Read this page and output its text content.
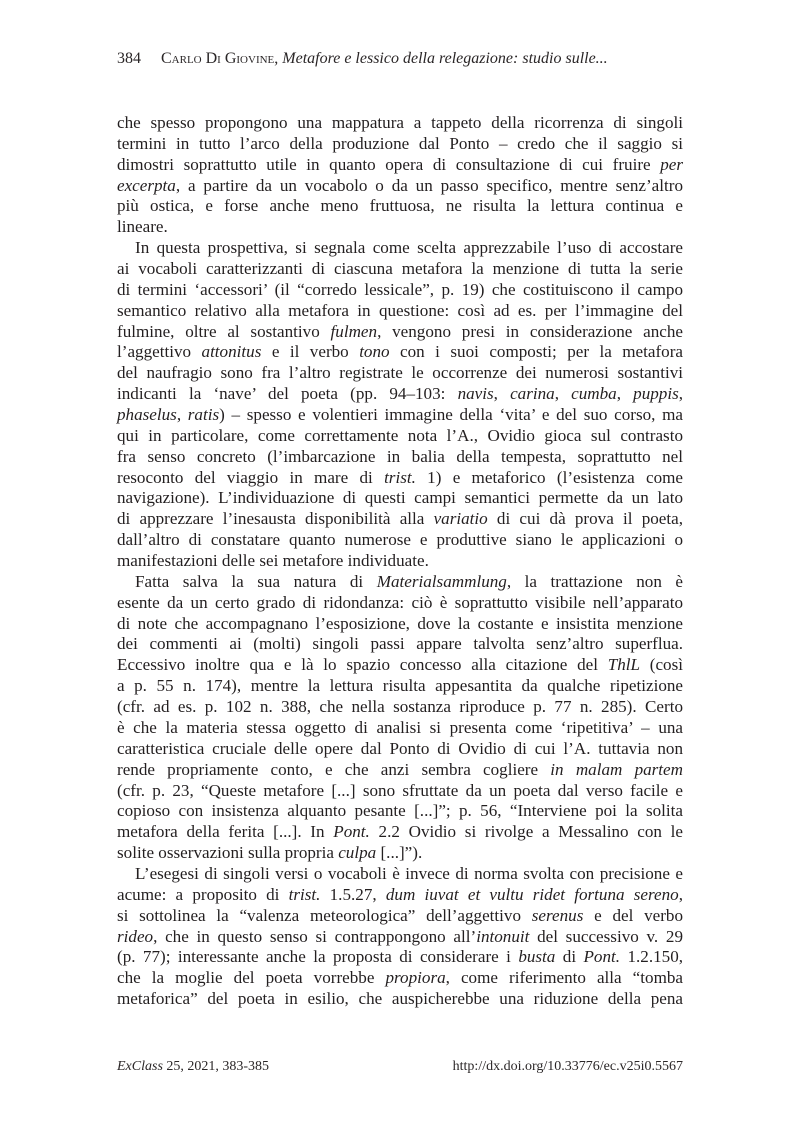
384 Carlo Di Giovine, Metafore e lessico della relegazione: studio sulle...
che spesso propongono una mappatura a tappeto della ricorrenza di singoli
termini in tutto l’arco della produzione dal Ponto – credo che il saggio si
dimostri soprattutto utile in quanto opera di consultazione di cui fruire per
excerpta, a partire da un vocabolo o da un passo specifico, mentre senz’altro
più ostica, e forse anche meno fruttuosa, ne risulta la lettura continua e
lineare.
In questa prospettiva, si segnala come scelta apprezzabile l’uso di accostare
ai vocaboli caratterizzanti di ciascuna metafora la menzione di tutta la serie
di termini ‘accessori’ (il “corredo lessicale”, p. 19) che costituiscono il campo
semantico relativo alla metafora in questione: così ad es. per l’immagine del
fulmine, oltre al sostantivo fulmen, vengono presi in considerazione anche
l’aggettivo attonitus e il verbo tono con i suoi composti; per la metafora
del naufragio sono fra l’altro registrate le occorrenze dei numerosi sostantivi
indicanti la ‘nave’ del poeta (pp. 94–103: navis, carina, cumba, puppis,
phaselus, ratis) – spesso e volentieri immagine della ‘vita’ e del suo corso, ma
qui in particolare, come correttamente nota l’A., Ovidio gioca sul contrasto
fra senso concreto (l’imbarcazione in balia della tempesta, soprattutto nel
resoconto del viaggio in mare di trist. 1) e metaforico (l’esistenza come
navigazione). L’individuazione di questi campi semantici permette da un lato
di apprezzare l’inesausta disponibilità alla variatio di cui dà prova il poeta,
dall’altro di constatare quanto numerose e produttive siano le applicazioni o
manifestazioni delle sei metafore individuate.
Fatta salva la sua natura di Materialsammlung, la trattazione non è
esente da un certo grado di ridondanza: ciò è soprattutto visibile nell’apparato
di note che accompagnano l’esposizione, dove la costante e insistita menzione
dei commenti ai (molti) singoli passi appare talvolta senz’altro superflua.
Eccessivo inoltre qua e là lo spazio concesso alla citazione del ThlL (così
a p. 55 n. 174), mentre la lettura risulta appesantita da qualche ripetizione
(cfr. ad es. p. 102 n. 388, che nella sostanza riproduce p. 77 n. 285). Certo
è che la materia stessa oggetto di analisi si presenta come ‘ripetitiva’ – una
caratteristica cruciale delle opere dal Ponto di Ovidio di cui l’A. tuttavia non
rende propriamente conto, e che anzi sembra cogliere in malam partem
(cfr. p. 23, “Queste metafore [...] sono sfruttate da un poeta dal verso facile e
copioso con insistenza alquanto pesante [...]”; p. 56, “Interviene poi la solita
metafora della ferita [...]. In Pont. 2.2 Ovidio si rivolge a Messalino con le
solite osservazioni sulla propria culpa [...]”).
L’esegesi di singoli versi o vocaboli è invece di norma svolta con precisione e
acume: a proposito di trist. 1.5.27, dum iuvat et vultu ridet fortuna sereno,
si sottolinea la “valenza meteorologica” dell’aggettivo serenus e del verbo
rideo, che in questo senso si contrappongono all’intonuit del successivo v. 29
(p. 77); interessante anche la proposta di considerare i busta di Pont. 1.2.150,
che la moglie del poeta vorrebbe propiora, come riferimento alla “tomba
metaforica” del poeta in esilio, che auspicherebbe una riduzione della pena
ExClass 25, 2021, 383-385	http://dx.doi.org/10.33776/ec.v25i0.5567
